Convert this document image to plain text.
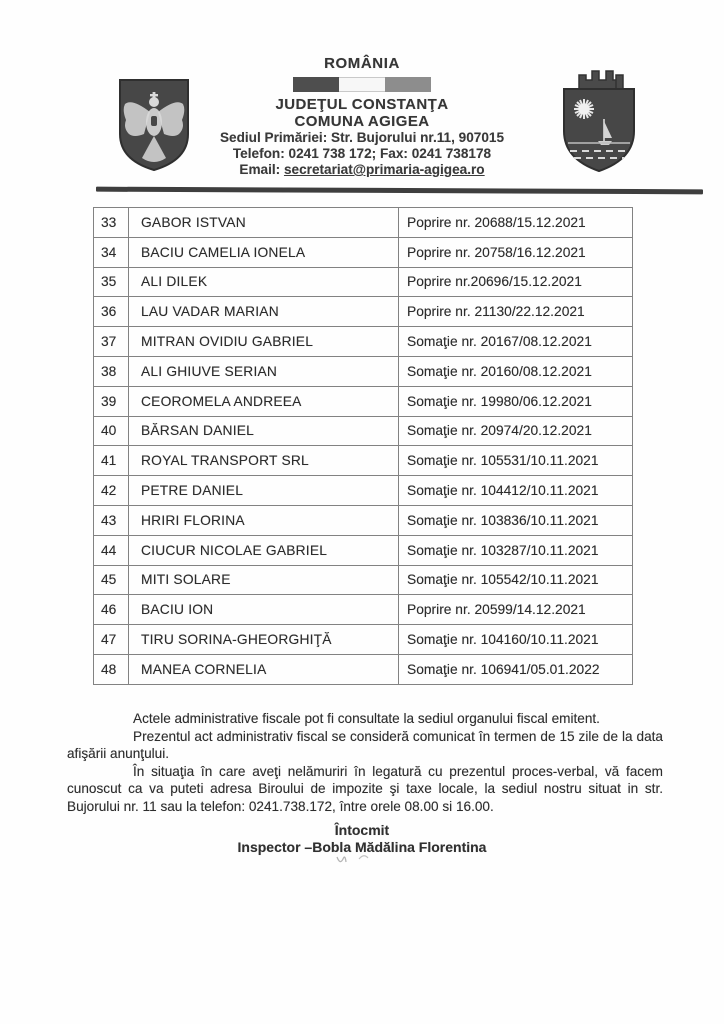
ROMÂNIA
JUDEŢUL CONSTANŢA
COMUNA AGIGEA
Sediul Primăriei: Str. Bujorului nr.11, 907015
Telefon: 0241 738 172; Fax: 0241 738178
Email: secretariat@primaria-agigea.ro
33	GABOR ISTVAN	Poprire nr. 20688/15.12.2021
34	BACIU CAMELIA IONELA	Poprire nr. 20758/16.12.2021
35	ALI DILEK	Poprire nr.20696/15.12.2021
36	LAU VADAR MARIAN	Poprire nr. 21130/22.12.2021
37	MITRAN OVIDIU GABRIEL	Somaţie nr. 20167/08.12.2021
38	ALI GHIUVE SERIAN	Somaţie nr. 20160/08.12.2021
39	CEOROMELA ANDREEA	Somaţie nr. 19980/06.12.2021
40	BĂRSAN DANIEL	Somaţie nr. 20974/20.12.2021
41	ROYAL TRANSPORT SRL	Somaţie nr. 105531/10.11.2021
42	PETRE DANIEL	Somaţie nr. 104412/10.11.2021
43	HRIRI FLORINA	Somaţie nr. 103836/10.11.2021
44	CIUCUR NICOLAE GABRIEL	Somaţie nr. 103287/10.11.2021
45	MITI SOLARE	Somaţie nr. 105542/10.11.2021
46	BACIU ION	Poprire nr. 20599/14.12.2021
47	TIRU SORINA-GHEORGHIŢĂ	Somaţie nr. 104160/10.11.2021
48	MANEA CORNELIA	Somaţie nr. 106941/05.01.2022

Actele administrative fiscale pot fi consultate la sediul organului fiscal emitent.

Prezentul act administrativ fiscal se consideră comunicat în termen de 15 zile de la data afişării anunţului.

În situaţia în care aveţi nelămuriri în legatură cu prezentul proces-verbal, vă facem cunoscut ca va puteti adresa Biroului de impozite şi taxe locale, la sediul nostru situat in str. Bujorului nr. 11 sau la telefon: 0241.738.172, între orele 08.00 si 16.00.

Întocmit
Inspector –Bobla Mădălina Florentina
